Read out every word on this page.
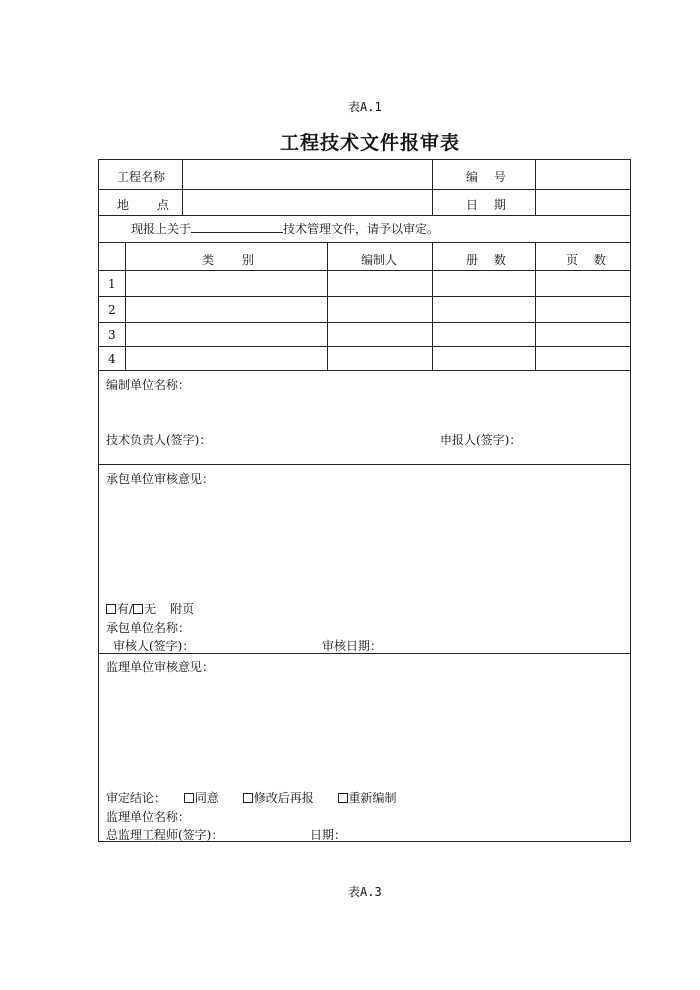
表A.1
工程技术文件报审表
工程名称	编　 号
地　　 点	日　 期
现报上关于	技术管理文件，请予以审定。
类　　 别	编制人	册　 数	页　 数
1
2
3
4
编制单位名称：
技术负责人(签字)：	申报人(签字)：
承包单位审核意见：
有/ 无 附页
承包单位名称：
审核人(签字)：	审核日期：
监理单位审核意见：
审定结论： 同意	修改后再报	重新编制
监理单位名称：
总监理工程师(签字)：	日期：
表A.3
